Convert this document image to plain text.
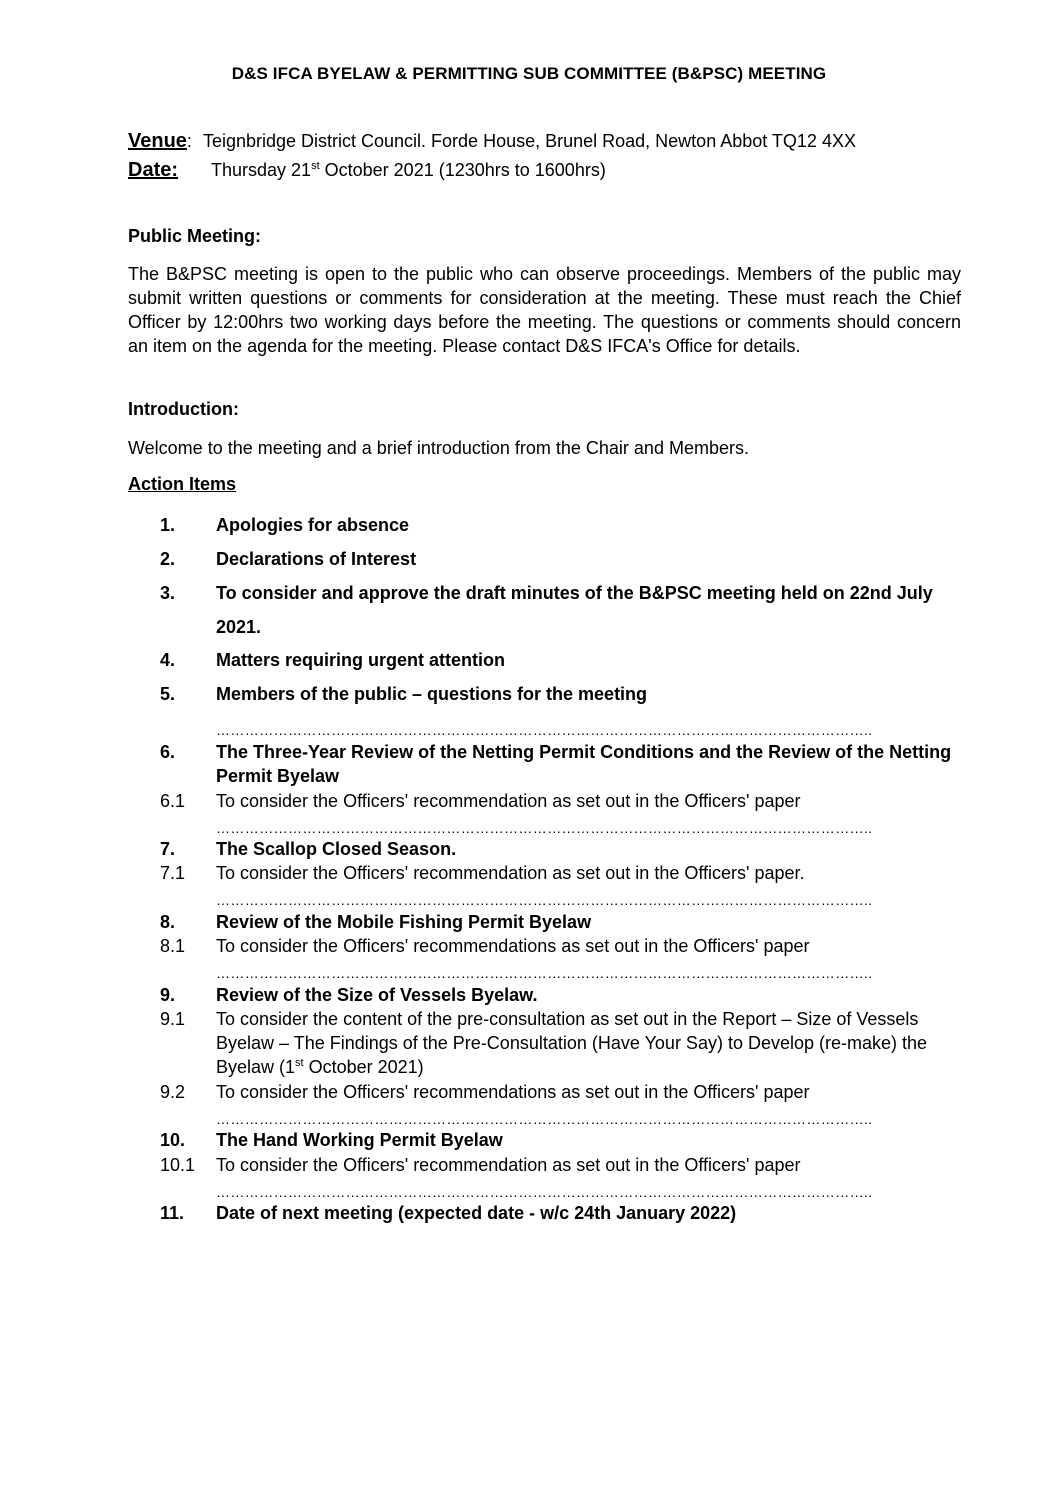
D&S IFCA BYELAW & PERMITTING SUB COMMITTEE (B&PSC) MEETING
Venue: Teignbridge District Council. Forde House, Brunel Road, Newton Abbot TQ12 4XX
Date: Thursday 21st October 2021 (1230hrs to 1600hrs)
Public Meeting:
The B&PSC meeting is open to the public who can observe proceedings. Members of the public may submit written questions or comments for consideration at the meeting. These must reach the Chief Officer by 12:00hrs two working days before the meeting. The questions or comments should concern an item on the agenda for the meeting. Please contact D&S IFCA's Office for details.
Introduction:
Welcome to the meeting and a brief introduction from the Chair and Members.
Action Items
1. Apologies for absence
2. Declarations of Interest
3. To consider and approve the draft minutes of the B&PSC meeting held on 22nd July 2021.
4. Matters requiring urgent attention
5. Members of the public – questions for the meeting
………………………………………………………………………………………………………………………..
6. The Three-Year Review of the Netting Permit Conditions and the Review of the Netting Permit Byelaw
6.1 To consider the Officers' recommendation as set out in the Officers' paper
………………………………………………………………………………………………………………………..
7. The Scallop Closed Season.
7.1 To consider the Officers' recommendation as set out in the Officers' paper.
………………………………………………………………………………………………………………………..
8. Review of the Mobile Fishing Permit Byelaw
8.1 To consider the Officers' recommendations as set out in the Officers' paper
………………………………………………………………………………………………………………………..
9. Review of the Size of Vessels Byelaw.
9.1 To consider the content of the pre-consultation as set out in the Report – Size of Vessels Byelaw – The Findings of the Pre-Consultation (Have Your Say) to Develop (re-make) the Byelaw (1st October 2021)
9.2 To consider the Officers' recommendations as set out in the Officers' paper
………………………………………………………………………………………………………………………..
10. The Hand Working Permit Byelaw
10.1 To consider the Officers' recommendation as set out in the Officers' paper
………………………………………………………………………………………………………………………..
11. Date of next meeting (expected date - w/c 24th January 2022)
